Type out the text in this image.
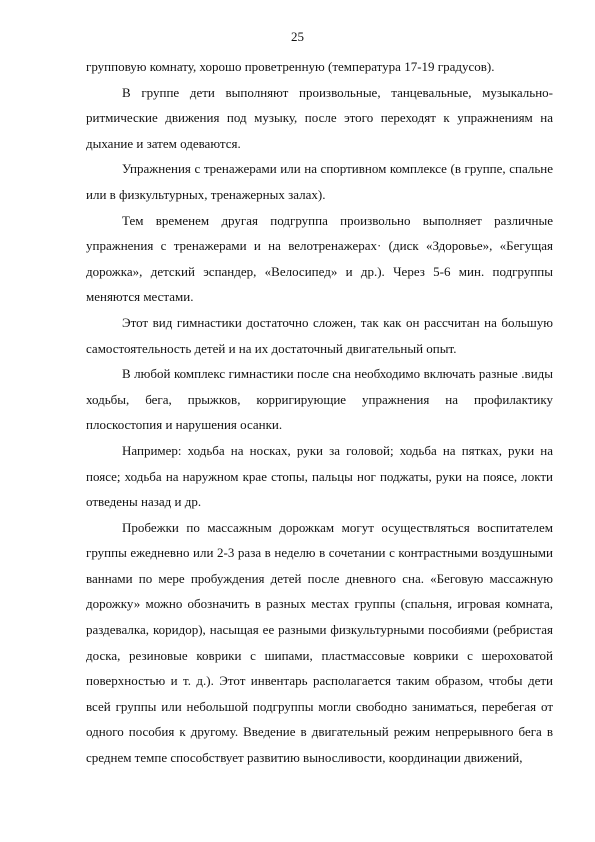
25

групповую комнату, хорошо проветренную (температура 17-19 градусов).

В группе дети выполняют произвольные, танцевальные, музыкально-ритмические движения под музыку, после этого переходят к упражнениям на дыхание и затем одеваются.

Упражнения с тренажерами или на спортивном комплексе (в группе, спальне или в физкультурных, тренажерных залах).

Тем временем другая подгруппа произвольно выполняет различные упражнения с тренажерами и на велотренажерах· (диск «Здоровье», «Бегущая дорожка», детский эспандер, «Велосипед» и др.). Через 5-6 мин. подгруппы меняются местами.

Этот вид гимнастики достаточно сложен, так как он рассчитан на большую самостоятельность детей и на их достаточный двигательный опыт.

В любой комплекс гимнастики после сна необходимо включать разные .виды ходьбы, бега, прыжков, корригирующие упражнения на профилактику плоскостопия и нарушения осанки.

Например: ходьба на носках, руки за головой; ходьба на пятках, руки на поясе; ходьба на наружном крае стопы, пальцы ног поджаты, руки на поясе, локти отведены назад и др.

Пробежки по массажным дорожкам могут осуществляться воспитателем группы ежедневно или 2-3 раза в неделю в сочетании с контрастными воздушными ваннами по мере пробуждения детей после дневного сна. «Беговую массажную дорожку» можно обозначить в разных местах группы (спальня, игровая комната, раздевалка, коридор), насыщая ее разными физкультурными пособиями (ребристая доска, резиновые коврики с шипами, пластмассовые коврики с шероховатой поверхностью и т. д.). Этот инвентарь располагается таким образом, чтобы дети всей группы или небольшой подгруппы могли свободно заниматься, перебегая от одного пособия к другому. Введение в двигательный режим непрерывного бега в среднем темпе способствует развитию выносливости, координации движений,
